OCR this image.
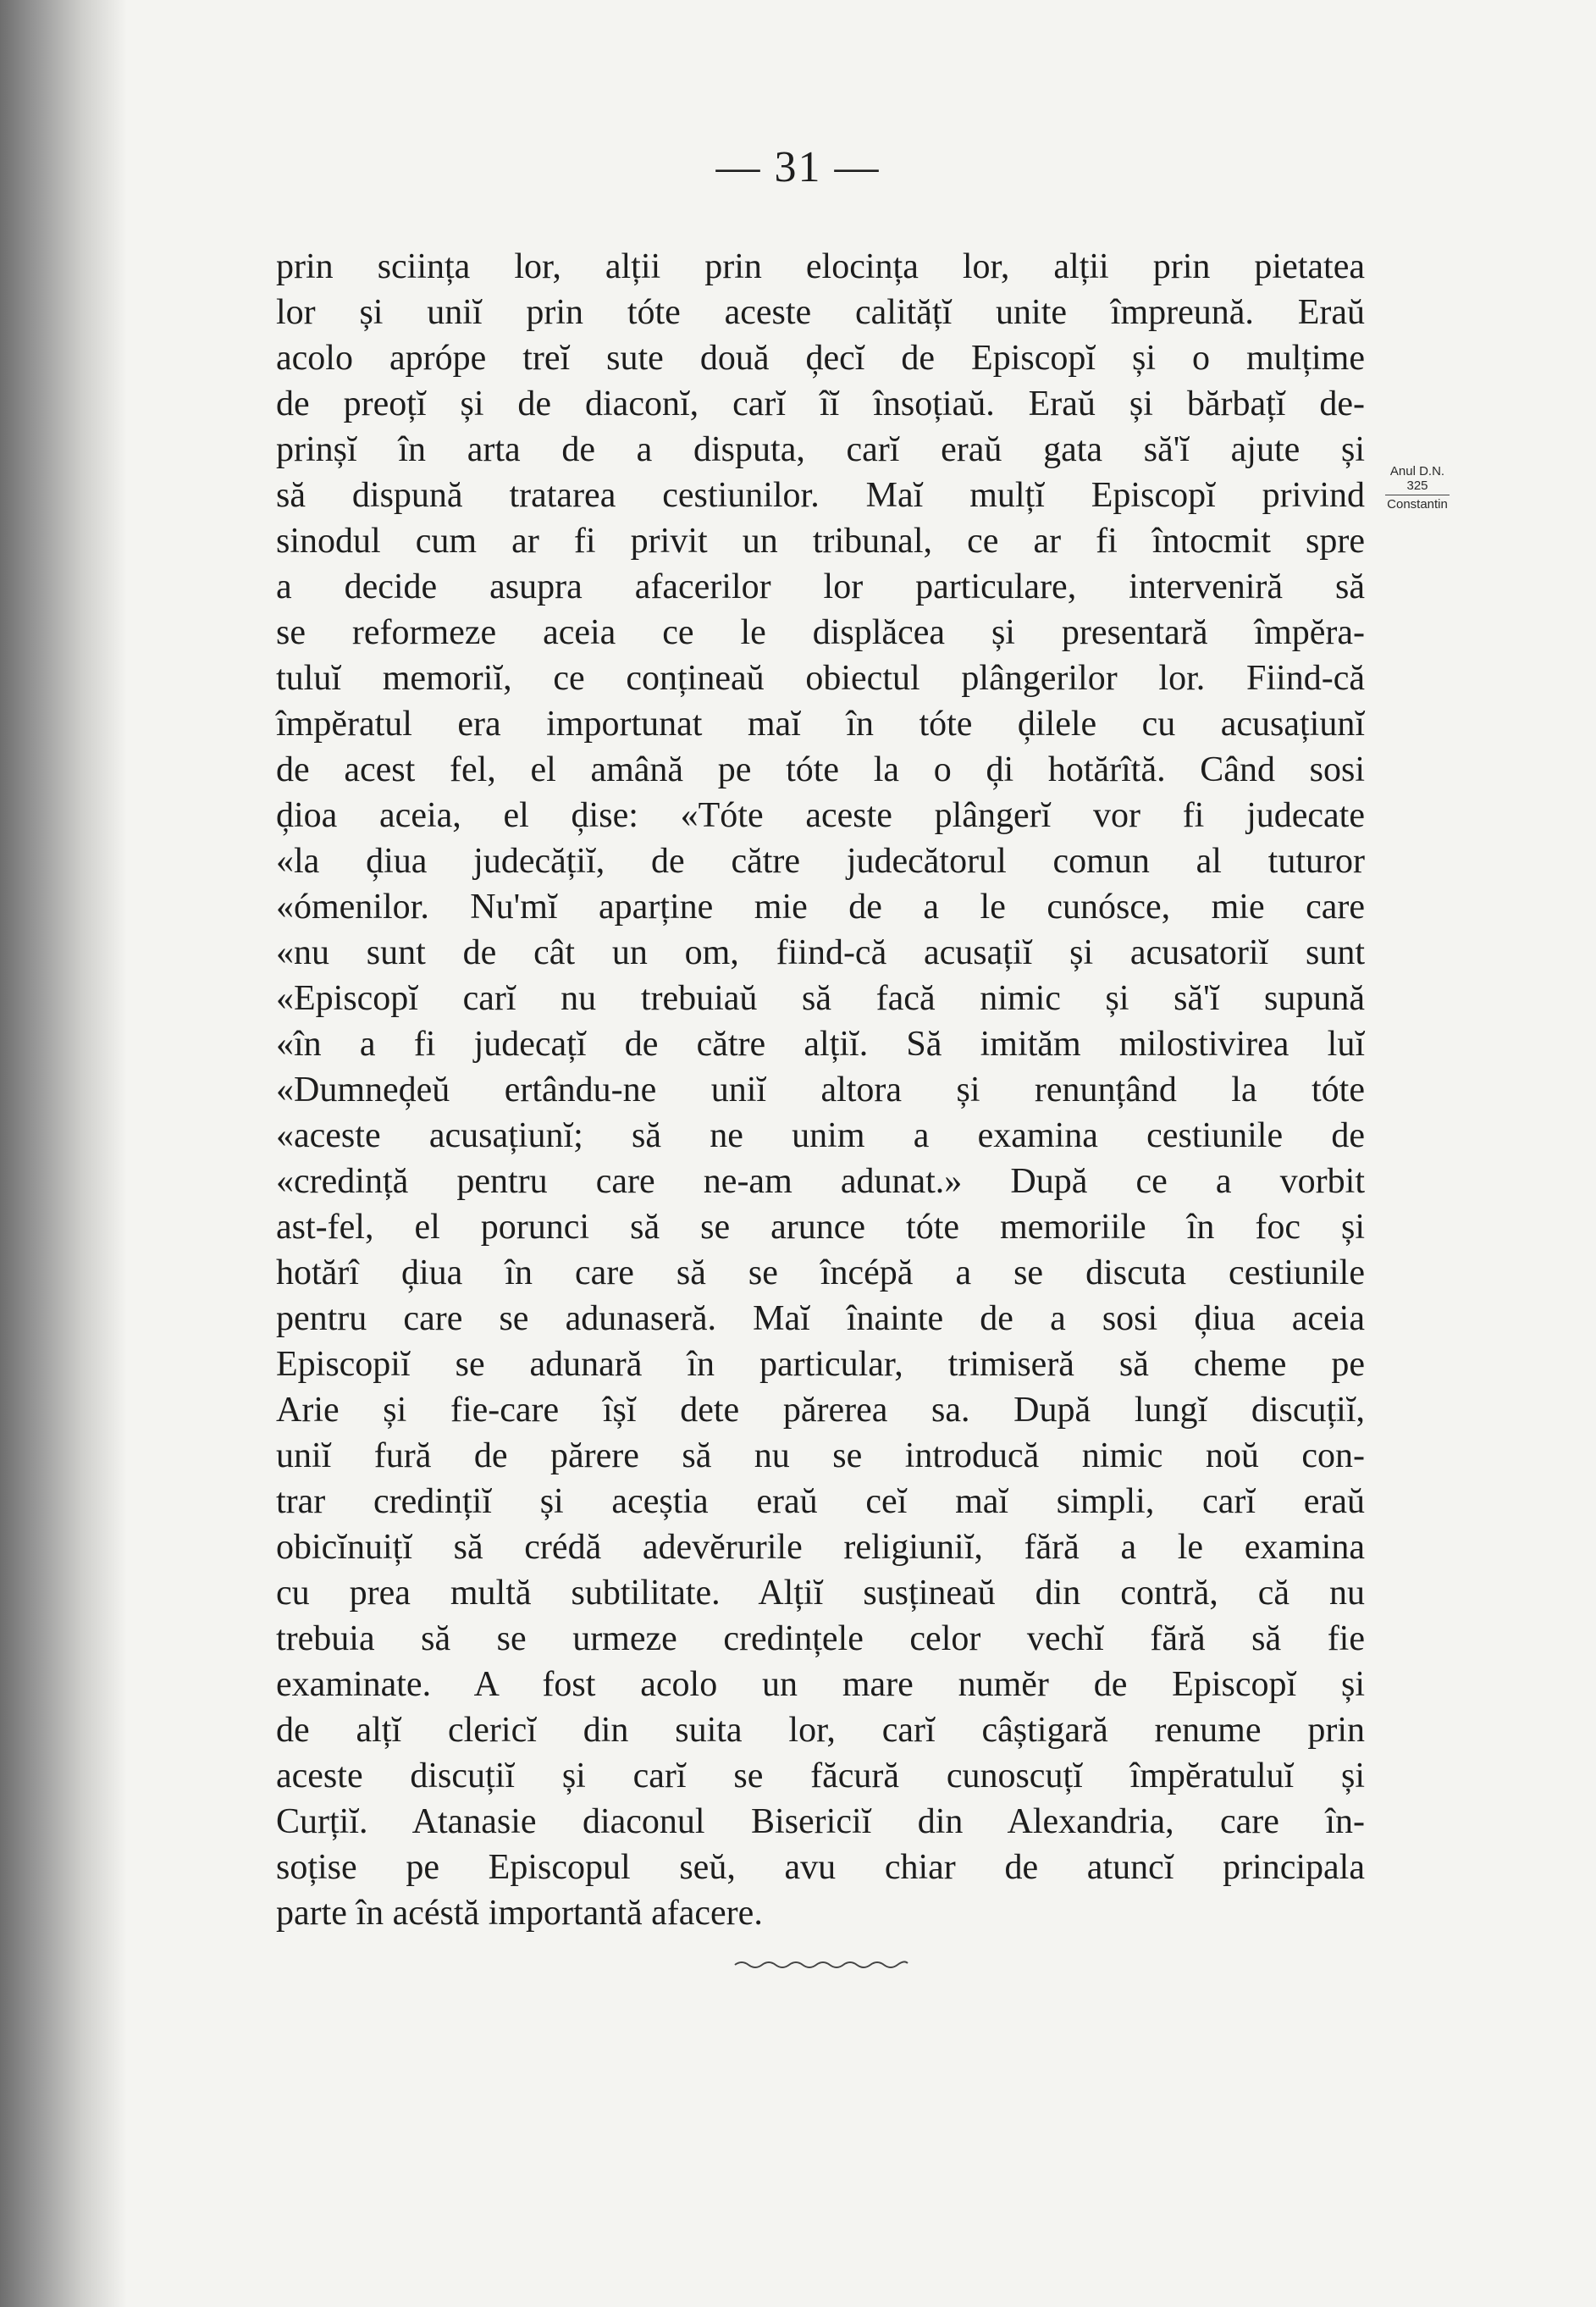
— 31 —
prin sciința lor, alții prin elocința lor, alții prin pietatea
lor și uniĭ prin tóte aceste calitățĭ unite împreună. Eraŭ
acolo aprópe treĭ sute două ḑecĭ de Episcopĭ și o mulțime
de preoțĭ și de diaconĭ, carĭ îĭ însoțiaŭ. Eraŭ și bărbațĭ de-
prinșĭ în arta de a disputa, carĭ eraŭ gata să'ĭ ajute și
să dispună tratarea cestiunilor. Maĭ mulțĭ Episcopĭ privind
sinodul cum ar fi privit un tribunal, ce ar fi întocmit spre
a decide asupra afacerilor lor particulare, interveniră să
se reformeze aceia ce le displăcea și presentară împĕra-
tuluĭ memoriĭ, ce conțineaŭ obiectul plângerilor lor. Fiind-că
împĕratul era importunat maĭ în tóte ḑilele cu acusațiunĭ
de acest fel, el amână pe tóte la o ḑi hotărîtă. Când sosi
ḑioa aceia, el ḑise: «Tóte aceste plângerĭ vor fi judecate
«la ḑiua judecățiĭ, de către judecătorul comun al tuturor
«ómenilor. Nu'mĭ aparține mie de a le cunósce, mie care
«nu sunt de cât un om, fiind-că acusațiĭ și acusatoriĭ sunt
«Episcopĭ carĭ nu trebuiaŭ să facă nimic și să'ĭ supună
«în a fi judecațĭ de către alțiĭ. Să imităm milostivirea luĭ
«Dumneḑeŭ ertându-ne uniĭ altora și renunțând la tóte
«aceste acusațiunĭ; să ne unim a examina cestiunile de
«credință pentru care ne-am adunat.» După ce a vorbit
ast-fel, el porunci să se arunce tóte memoriile în foc și
hotărî ḑiua în care să se încépă a se discuta cestiunile
pentru care se adunaseră. Maĭ înainte de a sosi ḑiua aceia
Episcopiĭ se adunară în particular, trimiseră să cheme pe
Arie și fie-care îșĭ dete părerea sa. După lungĭ discuțiĭ,
uniĭ fură de părere să nu se introducă nimic noŭ con-
trar credințiĭ și aceștia eraŭ ceĭ maĭ simpli, carĭ eraŭ
obicĭnuițĭ să crédă adevĕrurile religiuniĭ, fără a le examina
cu prea multă subtilitate. Alțiĭ susțineaŭ din contră, că nu
trebuia să se urmeze credințele celor vechĭ fără să fie
examinate. A fost acolo un mare numĕr de Episcopĭ și
de alțĭ clericĭ din suita lor, carĭ câștigară renume prin
aceste discuțiĭ și carĭ se făcură cunoscuțĭ împĕratuluĭ și
Curțiĭ. Atanasie diaconul Bisericiĭ din Alexandria, care în-
soțise pe Episcopul seŭ, avu chiar de atuncĭ principala
parte în acéstă importantă afacere.
Anul D.N.
325
Constantin
